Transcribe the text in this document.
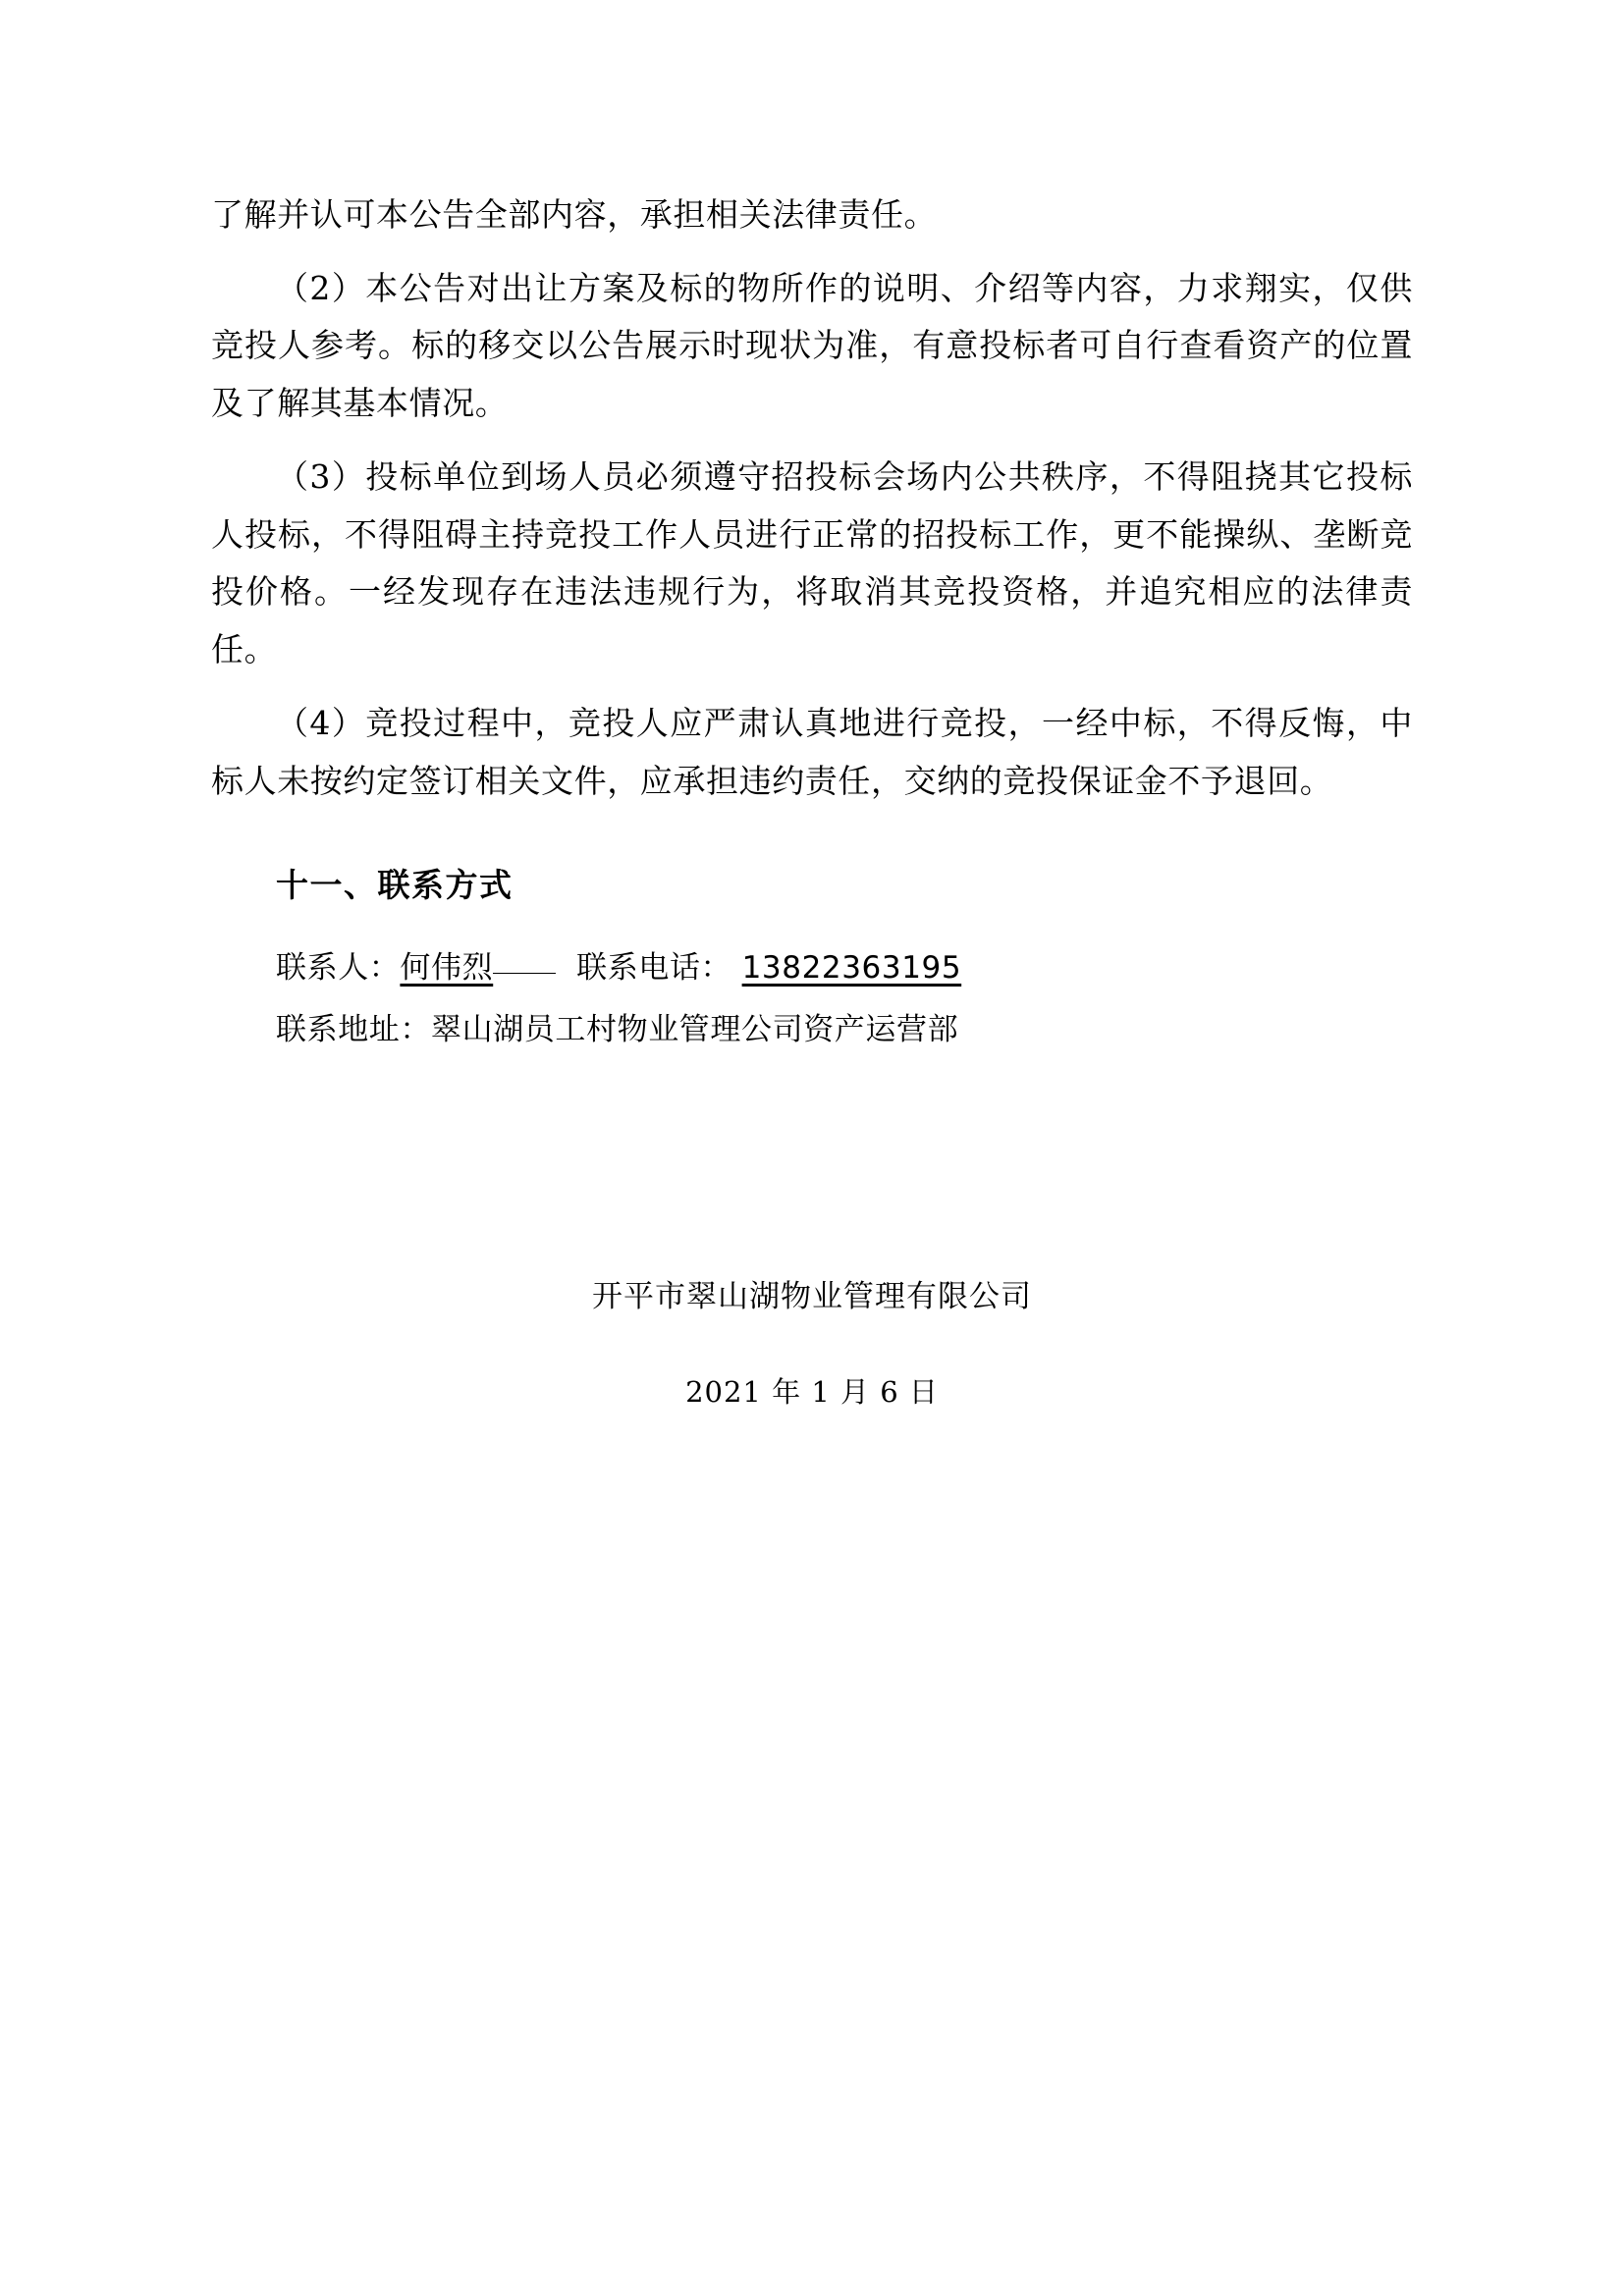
了解并认可本公告全部内容，承担相关法律责任。

（2）本公告对出让方案及标的物所作的说明、介绍等内容，力求翔实，仅供竞投人参考。标的移交以公告展示时现状为准，有意投标者可自行查看资产的位置及了解其基本情况。

（3）投标单位到场人员必须遵守招投标会场内公共秩序，不得阻挠其它投标人投标，不得阻碍主持竞投工作人员进行正常的招投标工作，更不能操纵、垄断竞投价格。一经发现存在违法违规行为，将取消其竞投资格，并追究相应的法律责任。

（4）竞投过程中，竞投人应严肃认真地进行竞投，一经中标，不得反悔，中标人未按约定签订相关文件，应承担违约责任，交纳的竞投保证金不予退回。

十一、联系方式

联系人：何伟烈	联系电话： 13822363195

联系地址：翠山湖员工村物业管理公司资产运营部

开平市翠山湖物业管理有限公司

2021 年 1 月 6 日
